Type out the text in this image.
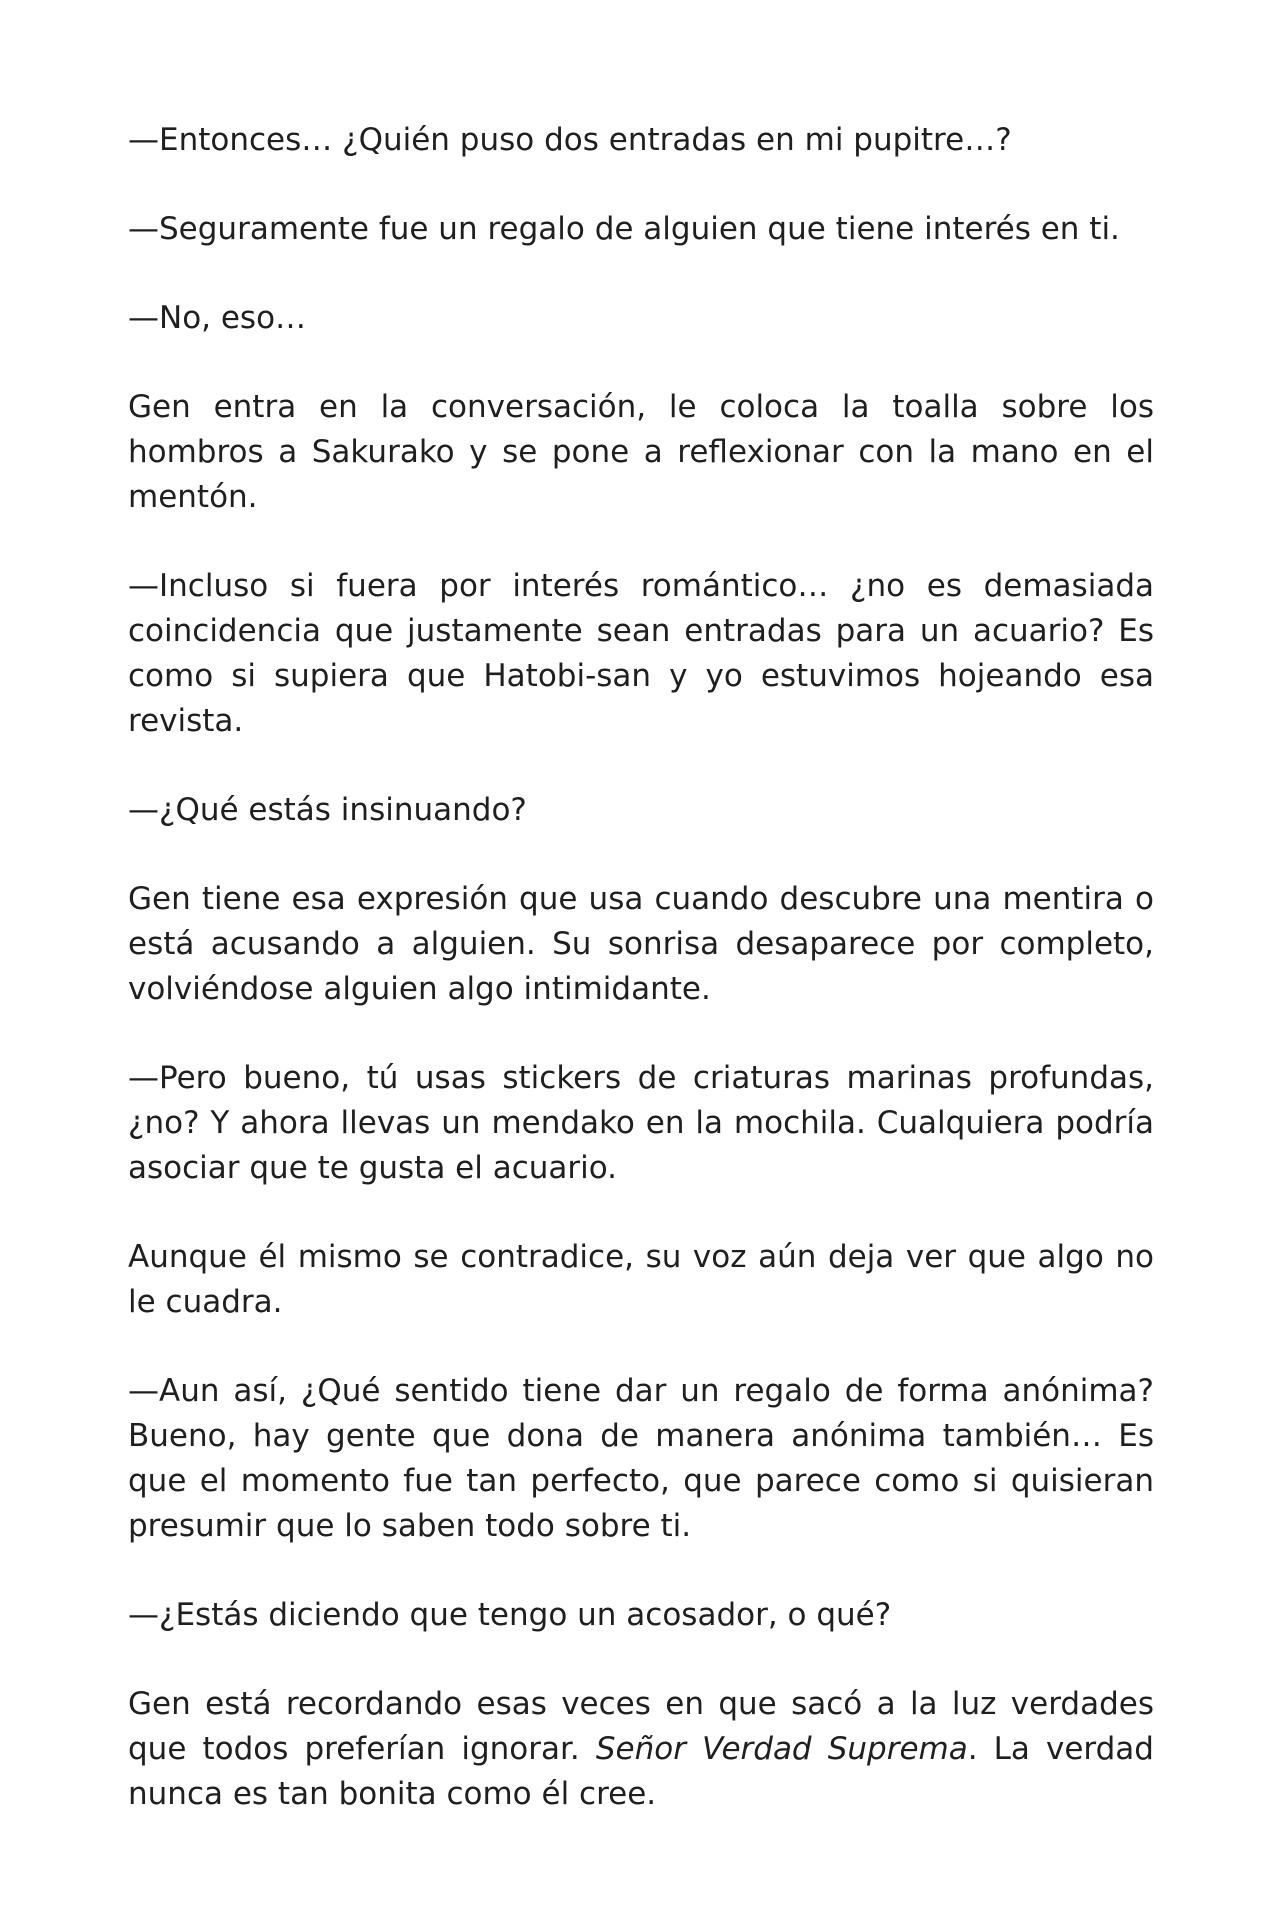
—Entonces… ¿Quién puso dos entradas en mi pupitre…?

—Seguramente fue un regalo de alguien que tiene interés en ti.

—No, eso…

Gen entra en la conversación, le coloca la toalla sobre los hombros a Sakurako y se pone a reflexionar con la mano en el mentón.

—Incluso si fuera por interés romántico… ¿no es demasiada coincidencia que justamente sean entradas para un acuario? Es como si supiera que Hatobi-san y yo estuvimos hojeando esa revista.

—¿Qué estás insinuando?

Gen tiene esa expresión que usa cuando descubre una mentira o está acusando a alguien. Su sonrisa desaparece por completo, volviéndose alguien algo intimidante.

—Pero bueno, tú usas stickers de criaturas marinas profundas, ¿no? Y ahora llevas un mendako en la mochila. Cualquiera podría asociar que te gusta el acuario.

Aunque él mismo se contradice, su voz aún deja ver que algo no le cuadra.

—Aun así, ¿Qué sentido tiene dar un regalo de forma anónima? Bueno, hay gente que dona de manera anónima también… Es que el momento fue tan perfecto, que parece como si quisieran presumir que lo saben todo sobre ti.

—¿Estás diciendo que tengo un acosador, o qué?

Gen está recordando esas veces en que sacó a la luz verdades que todos preferían ignorar. Señor Verdad Suprema. La verdad nunca es tan bonita como él cree.
